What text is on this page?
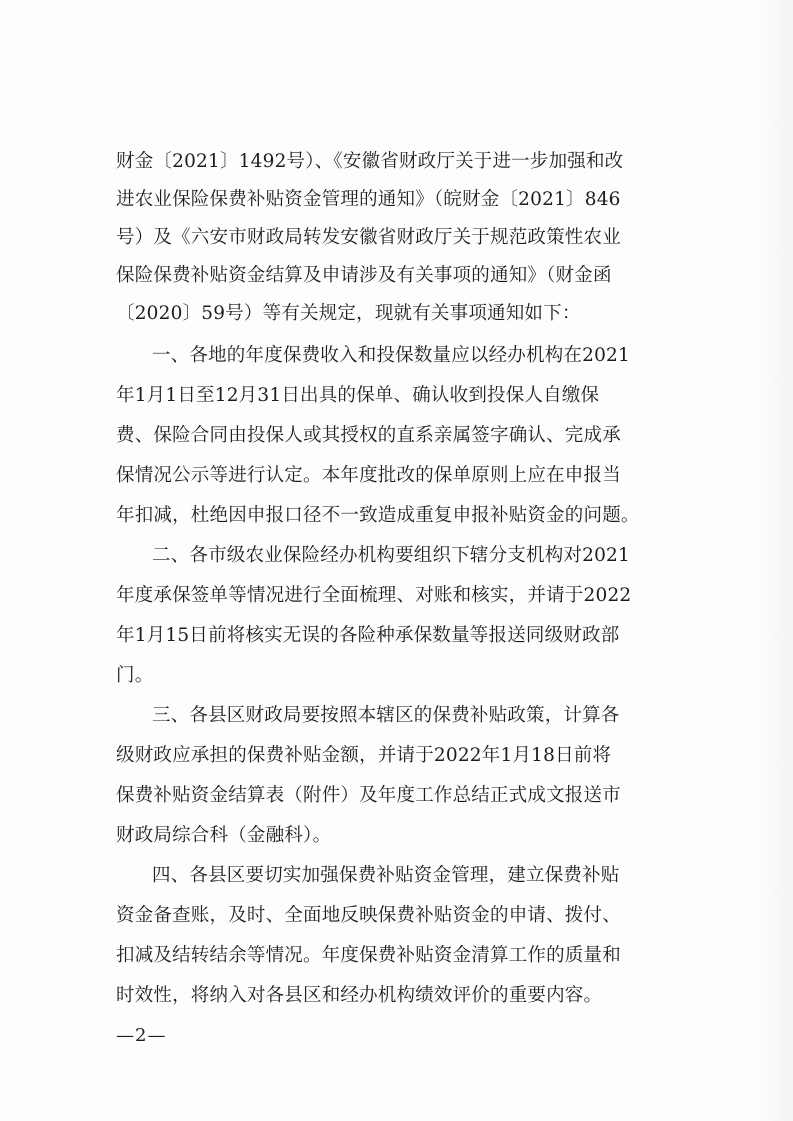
财金〔2021〕1492号）、《安徽省财政厅关于进一步加强和改
进农业保险保费补贴资金管理的通知》（皖财金〔2021〕846
号）及《六安市财政局转发安徽省财政厅关于规范政策性农业
保险保费补贴资金结算及申请涉及有关事项的通知》（财金函
〔2020〕59号）等有关规定，现就有关事项通知如下：
一、各地的年度保费收入和投保数量应以经办机构在2021
年1月1日至12月31日出具的保单、确认收到投保人自缴保
费、保险合同由投保人或其授权的直系亲属签字确认、完成承
保情况公示等进行认定。本年度批改的保单原则上应在申报当
年扣减，杜绝因申报口径不一致造成重复申报补贴资金的问题。
二、各市级农业保险经办机构要组织下辖分支机构对2021
年度承保签单等情况进行全面梳理、对账和核实，并请于2022
年1月15日前将核实无误的各险种承保数量等报送同级财政部
门。
三、各县区财政局要按照本辖区的保费补贴政策，计算各
级财政应承担的保费补贴金额，并请于2022年1月18日前将
保费补贴资金结算表（附件）及年度工作总结正式成文报送市
财政局综合科（金融科）。
四、各县区要切实加强保费补贴资金管理，建立保费补贴
资金备查账，及时、全面地反映保费补贴资金的申请、拨付、
扣减及结转结余等情况。年度保费补贴资金清算工作的质量和
时效性，将纳入对各县区和经办机构绩效评价的重要内容。
—2—
